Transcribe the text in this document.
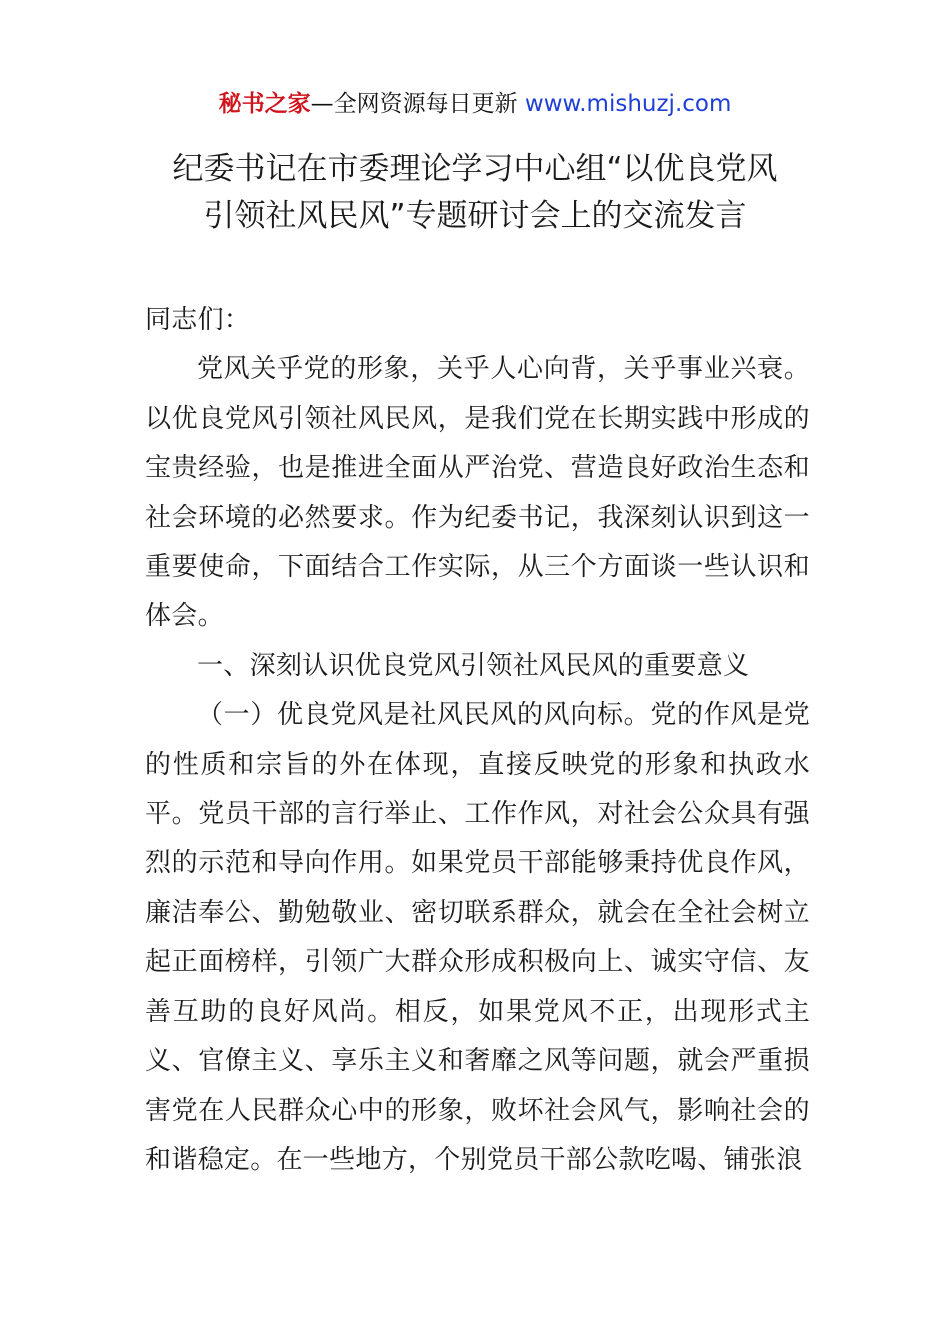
秘书之家—全网资源每日更新 www.mishuzj.com
纪委书记在市委理论学习中心组“以优良党风
引领社风民风”专题研讨会上的交流发言

同志们：

党风关乎党的形象，关乎人心向背，关乎事业兴衰。以优良党风引领社风民风，是我们党在长期实践中形成的宝贵经验，也是推进全面从严治党、营造良好政治生态和社会环境的必然要求。作为纪委书记，我深刻认识到这一重要使命，下面结合工作实际，从三个方面谈一些认识和体会。

一、深刻认识优良党风引领社风民风的重要意义

（一）优良党风是社风民风的风向标。党的作风是党的性质和宗旨的外在体现，直接反映党的形象和执政水平。党员干部的言行举止、工作作风，对社会公众具有强烈的示范和导向作用。如果党员干部能够秉持优良作风，廉洁奉公、勤勉敬业、密切联系群众，就会在全社会树立起正面榜样，引领广大群众形成积极向上、诚实守信、友善互助的良好风尚。相反，如果党风不正，出现形式主义、官僚主义、享乐主义和奢靡之风等问题，就会严重损害党在人民群众心中的形象，败坏社会风气，影响社会的和谐稳定。在一些地方，个别党员干部公款吃喝、铺张浪
